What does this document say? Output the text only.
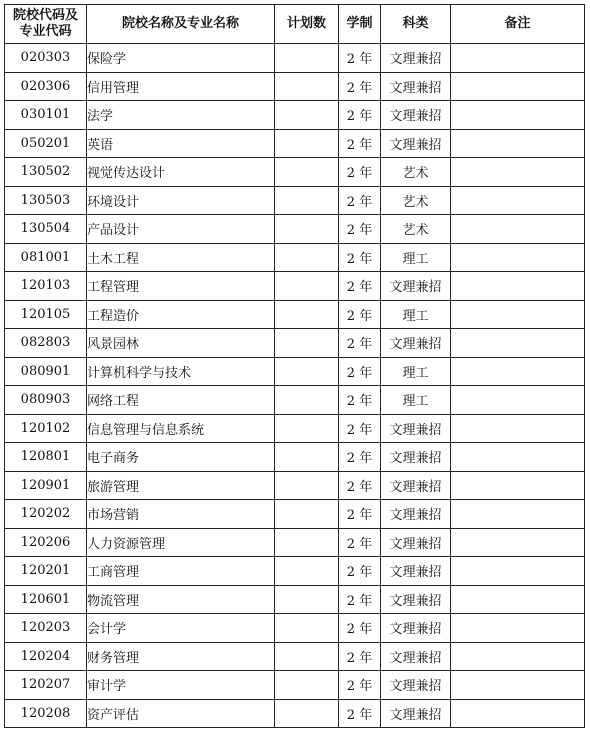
院校代码及
专业代码	院校名称及专业名称	计划数	学制	科类	备注
020303	保险学		2 年	文理兼招	
020306	信用管理		2 年	文理兼招	
030101	法学		2 年	文理兼招	
050201	英语		2 年	文理兼招	
130502	视觉传达设计		2 年	艺术	
130503	环境设计		2 年	艺术	
130504	产品设计		2 年	艺术	
081001	土木工程		2 年	理工	
120103	工程管理		2 年	文理兼招	
120105	工程造价		2 年	理工	
082803	风景园林		2 年	文理兼招	
080901	计算机科学与技术		2 年	理工	
080903	网络工程		2 年	理工	
120102	信息管理与信息系统		2 年	文理兼招	
120801	电子商务		2 年	文理兼招	
120901	旅游管理		2 年	文理兼招	
120202	市场营销		2 年	文理兼招	
120206	人力资源管理		2 年	文理兼招	
120201	工商管理		2 年	文理兼招	
120601	物流管理		2 年	文理兼招	
120203	会计学		2 年	文理兼招	
120204	财务管理		2 年	文理兼招	
120207	审计学		2 年	文理兼招	
120208	资产评估		2 年	文理兼招	
